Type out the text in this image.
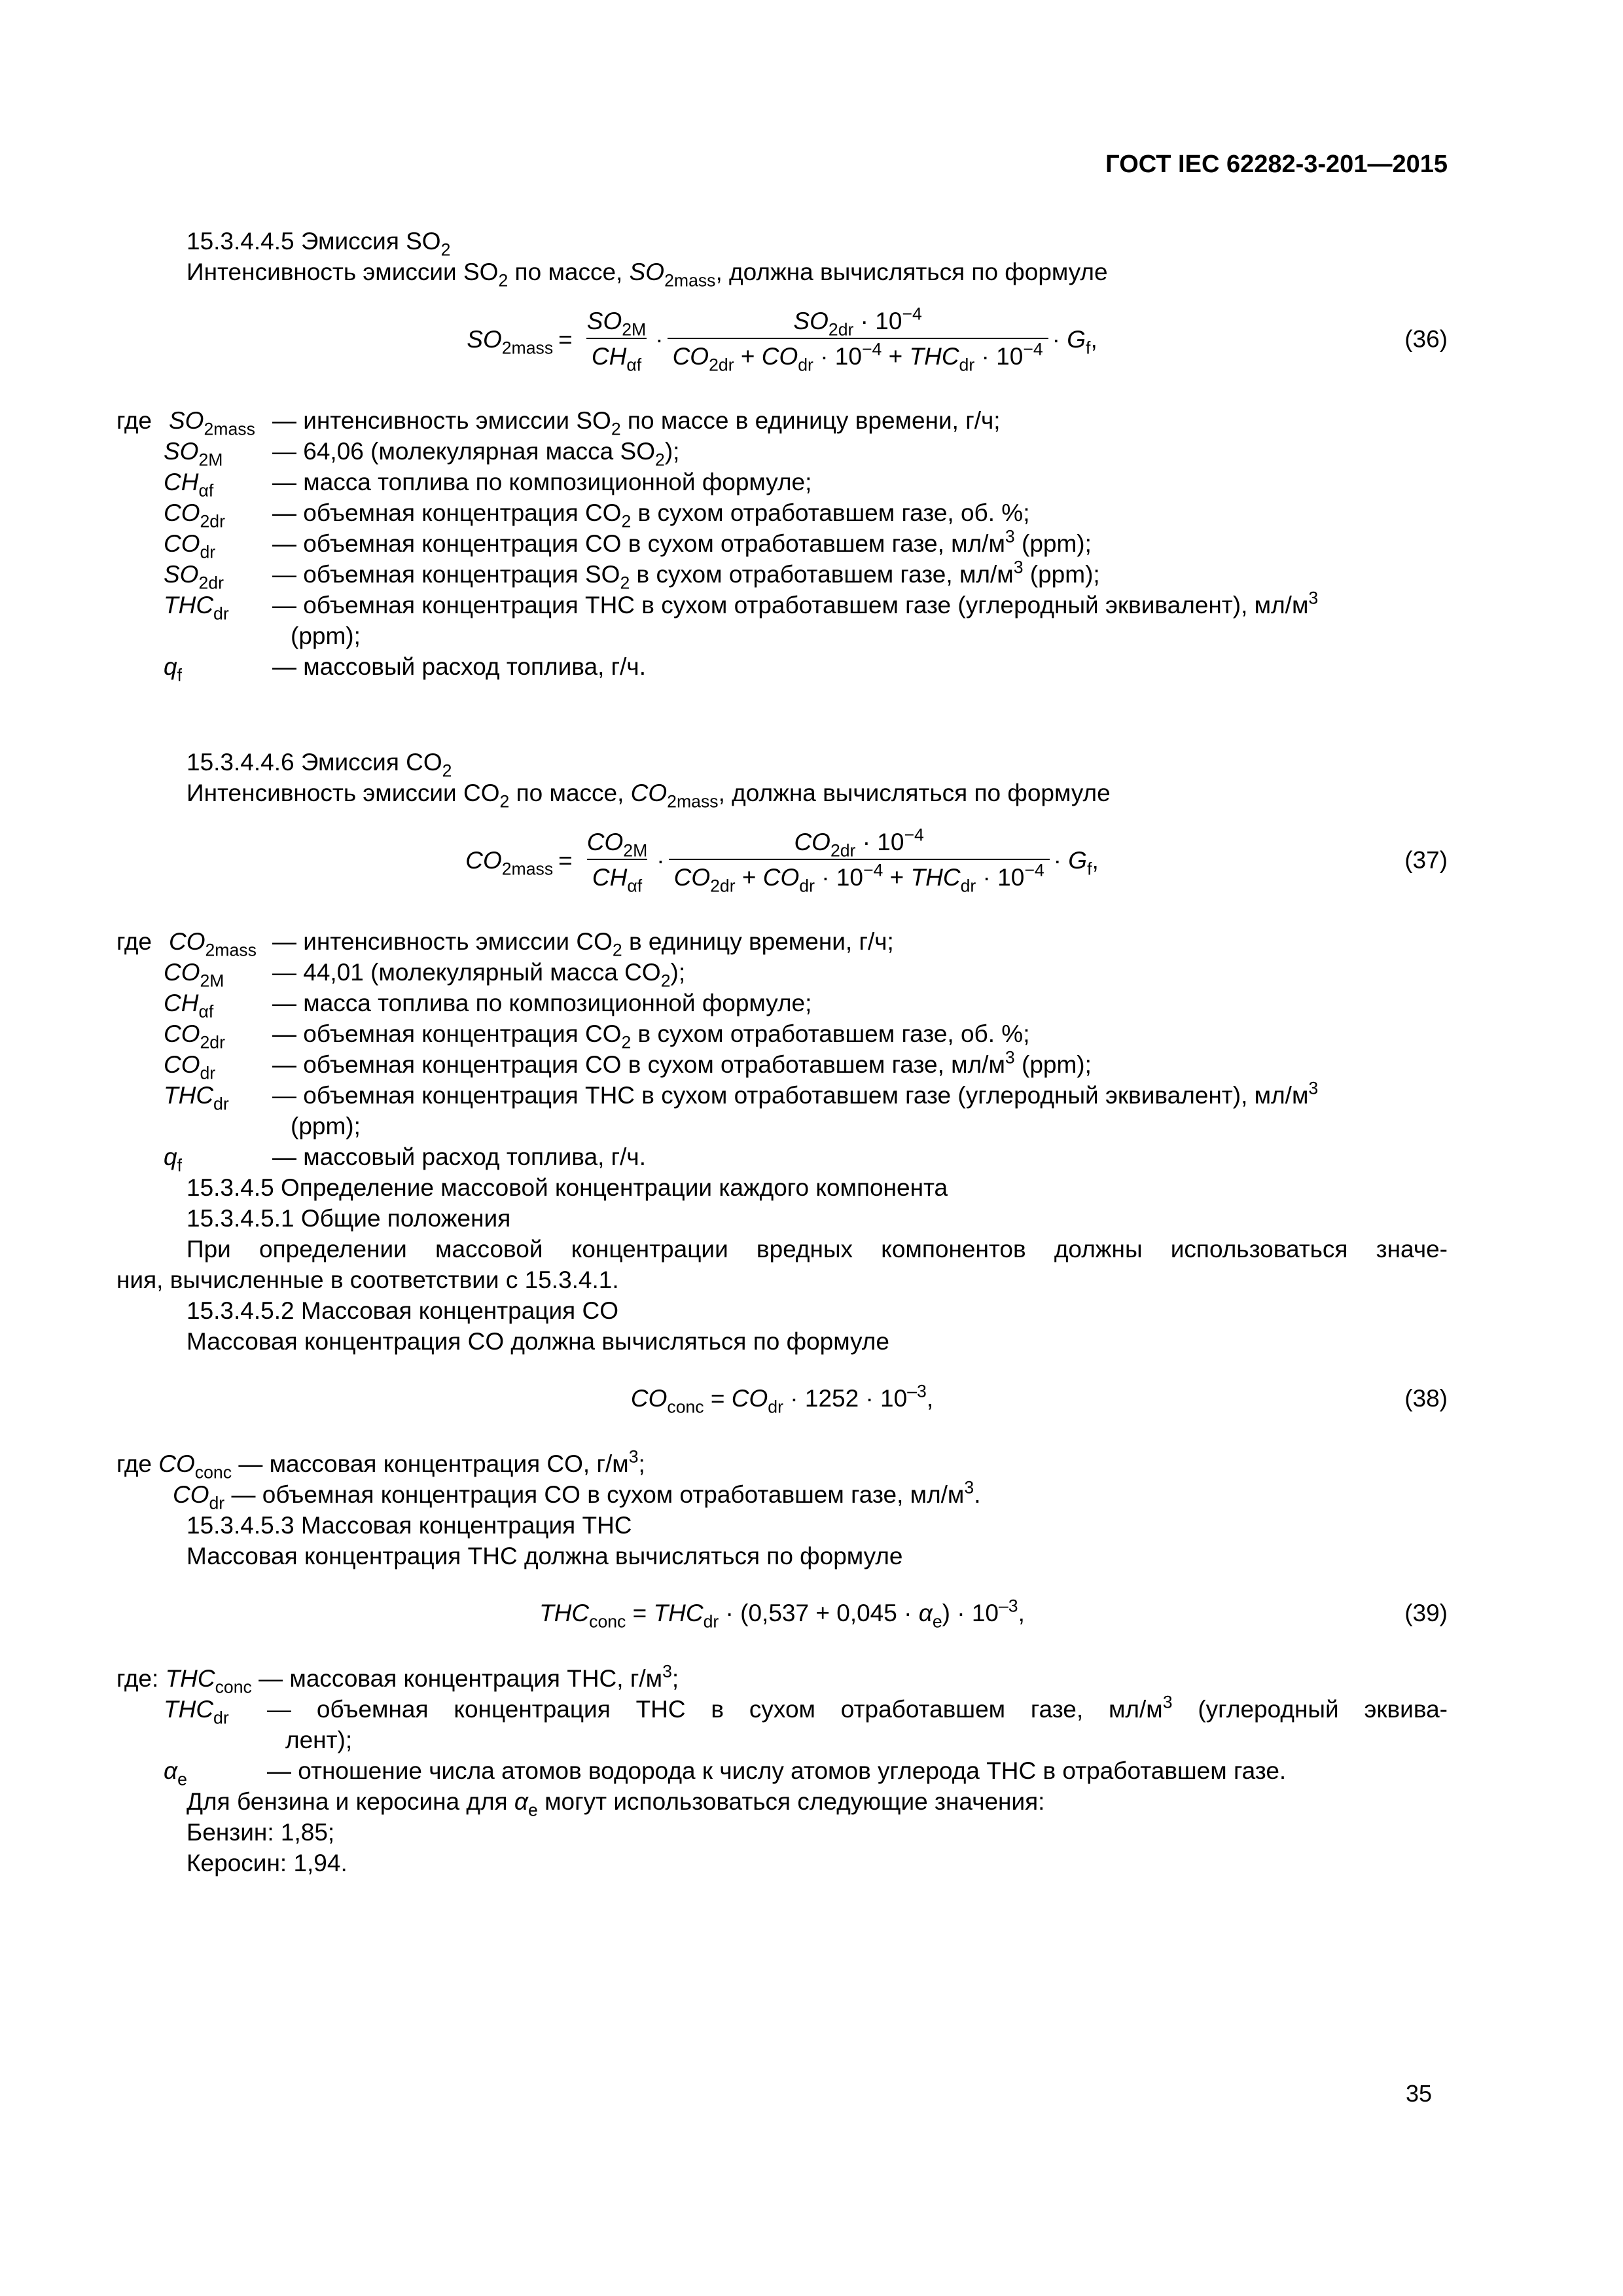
ГОСТ IEC 62282-3-201—2015

15.3.4.4.5 Эмиссия $SO_2$

Интенсивность эмиссии $SO_2$ по массе, $SO_{2mass}$, должна вычисляться по формуле

$SO_{2mass} = \frac{SO_{2M}}{CH_{\alpha f}} \cdot \frac{SO_{2dr} \cdot 10^{-4}}{CO_{2dr} + CO_{dr} \cdot 10^{-4} + THC_{dr} \cdot 10^{-4}} \cdot G_f$,	(36)
где	$SO_{2mass}$	— интенсивность эмиссии $SO_2$ по массе в единицу времени, г/ч;
	$SO_{2M}$	— 64,06 (молекулярная масса $SO_2$);
	$CH_{\alpha f}$	— масса топлива по композиционной формуле;
	$CO_{2dr}$	— объемная концентрация $CO_2$ в сухом отработавшем газе, об. %;
	$CO_{dr}$	— объемная концентрация CO в сухом отработавшем газе, $мл/м^3$ (ppm);
	$SO_{2dr}$	— объемная концентрация $SO_2$ в сухом отработавшем газе, $мл/м^3$ (ppm);
	$THC_{dr}$	— объемная концентрация THC в сухом отработавшем газе (углеродный эквивалент), $мл/м^3$
(ppm);
	$q_f$	— массовый расход топлива, г/ч.

15.3.4.4.6 Эмиссия $CO_2$

Интенсивность эмиссии $CO_2$ по массе, $CO_{2mass}$, должна вычисляться по формуле

$CO_{2mass} = \frac{CO_{2M}}{CH_{\alpha f}} \cdot \frac{CO_{2dr} \cdot 10^{-4}}{CO_{2dr} + CO_{dr} \cdot 10^{-4} + THC_{dr} \cdot 10^{-4}} \cdot G_f$,	(37)
где	$CO_{2mass}$	— интенсивность эмиссии $CO_2$ в единицу времени, г/ч;
	$CO_{2M}$	— 44,01 (молекулярный масса $CO_2$);
	$CH_{\alpha f}$	— масса топлива по композиционной формуле;
	$CO_{2dr}$	— объемная концентрация $CO_2$ в сухом отработавшем газе, об. %;
	$CO_{dr}$	— объемная концентрация CO в сухом отработавшем газе, $мл/м^3$ (ppm);
	$THC_{dr}$	— объемная концентрация THC в сухом отработавшем газе (углеродный эквивалент), $мл/м^3$
(ppm);
	$q_f$	— массовый расход топлива, г/ч.

15.3.4.5 Определение массовой концентрации каждого компонента

15.3.4.5.1 Общие положения

При определении массовой концентрации вредных компонентов должны использоваться значе-

ния, вычисленные в соответствии с 15.3.4.1.

15.3.4.5.2 Массовая концентрация CO

Массовая концентрация CO должна вычисляться по формуле

$CO_{conc} = CO_{dr} \cdot 1252 \cdot 10^{-3}$,	(38)

где $CO_{conc}$ — массовая концентрация CO, $г/м^3$;

$CO_{dr}$ — объемная концентрация CO в сухом отработавшем газе, $мл/м^3$.

15.3.4.5.3 Массовая концентрация THC

Массовая концентрация THC должна вычисляться по формуле

$THC_{conc} = THC_{dr} \cdot (0,537 + 0,045 \cdot \alpha_e) \cdot 10^{-3}$,	(39)

где: $THC_{conc}$ — массовая концентрация THC, $г/м^3$;

	$THC_{dr}$	— объемная концентрация THC в сухом отработавшем газе, $мл/м^3$ (углеродный эквива-
		лент);
	$\alpha_e$	— отношение числа атомов водорода к числу атомов углерода THC в отработавшем газе.

Для бензина и керосина для $\alpha_e$ могут использоваться следующие значения:

Бензин: 1,85;

Керосин: 1,94.

35
